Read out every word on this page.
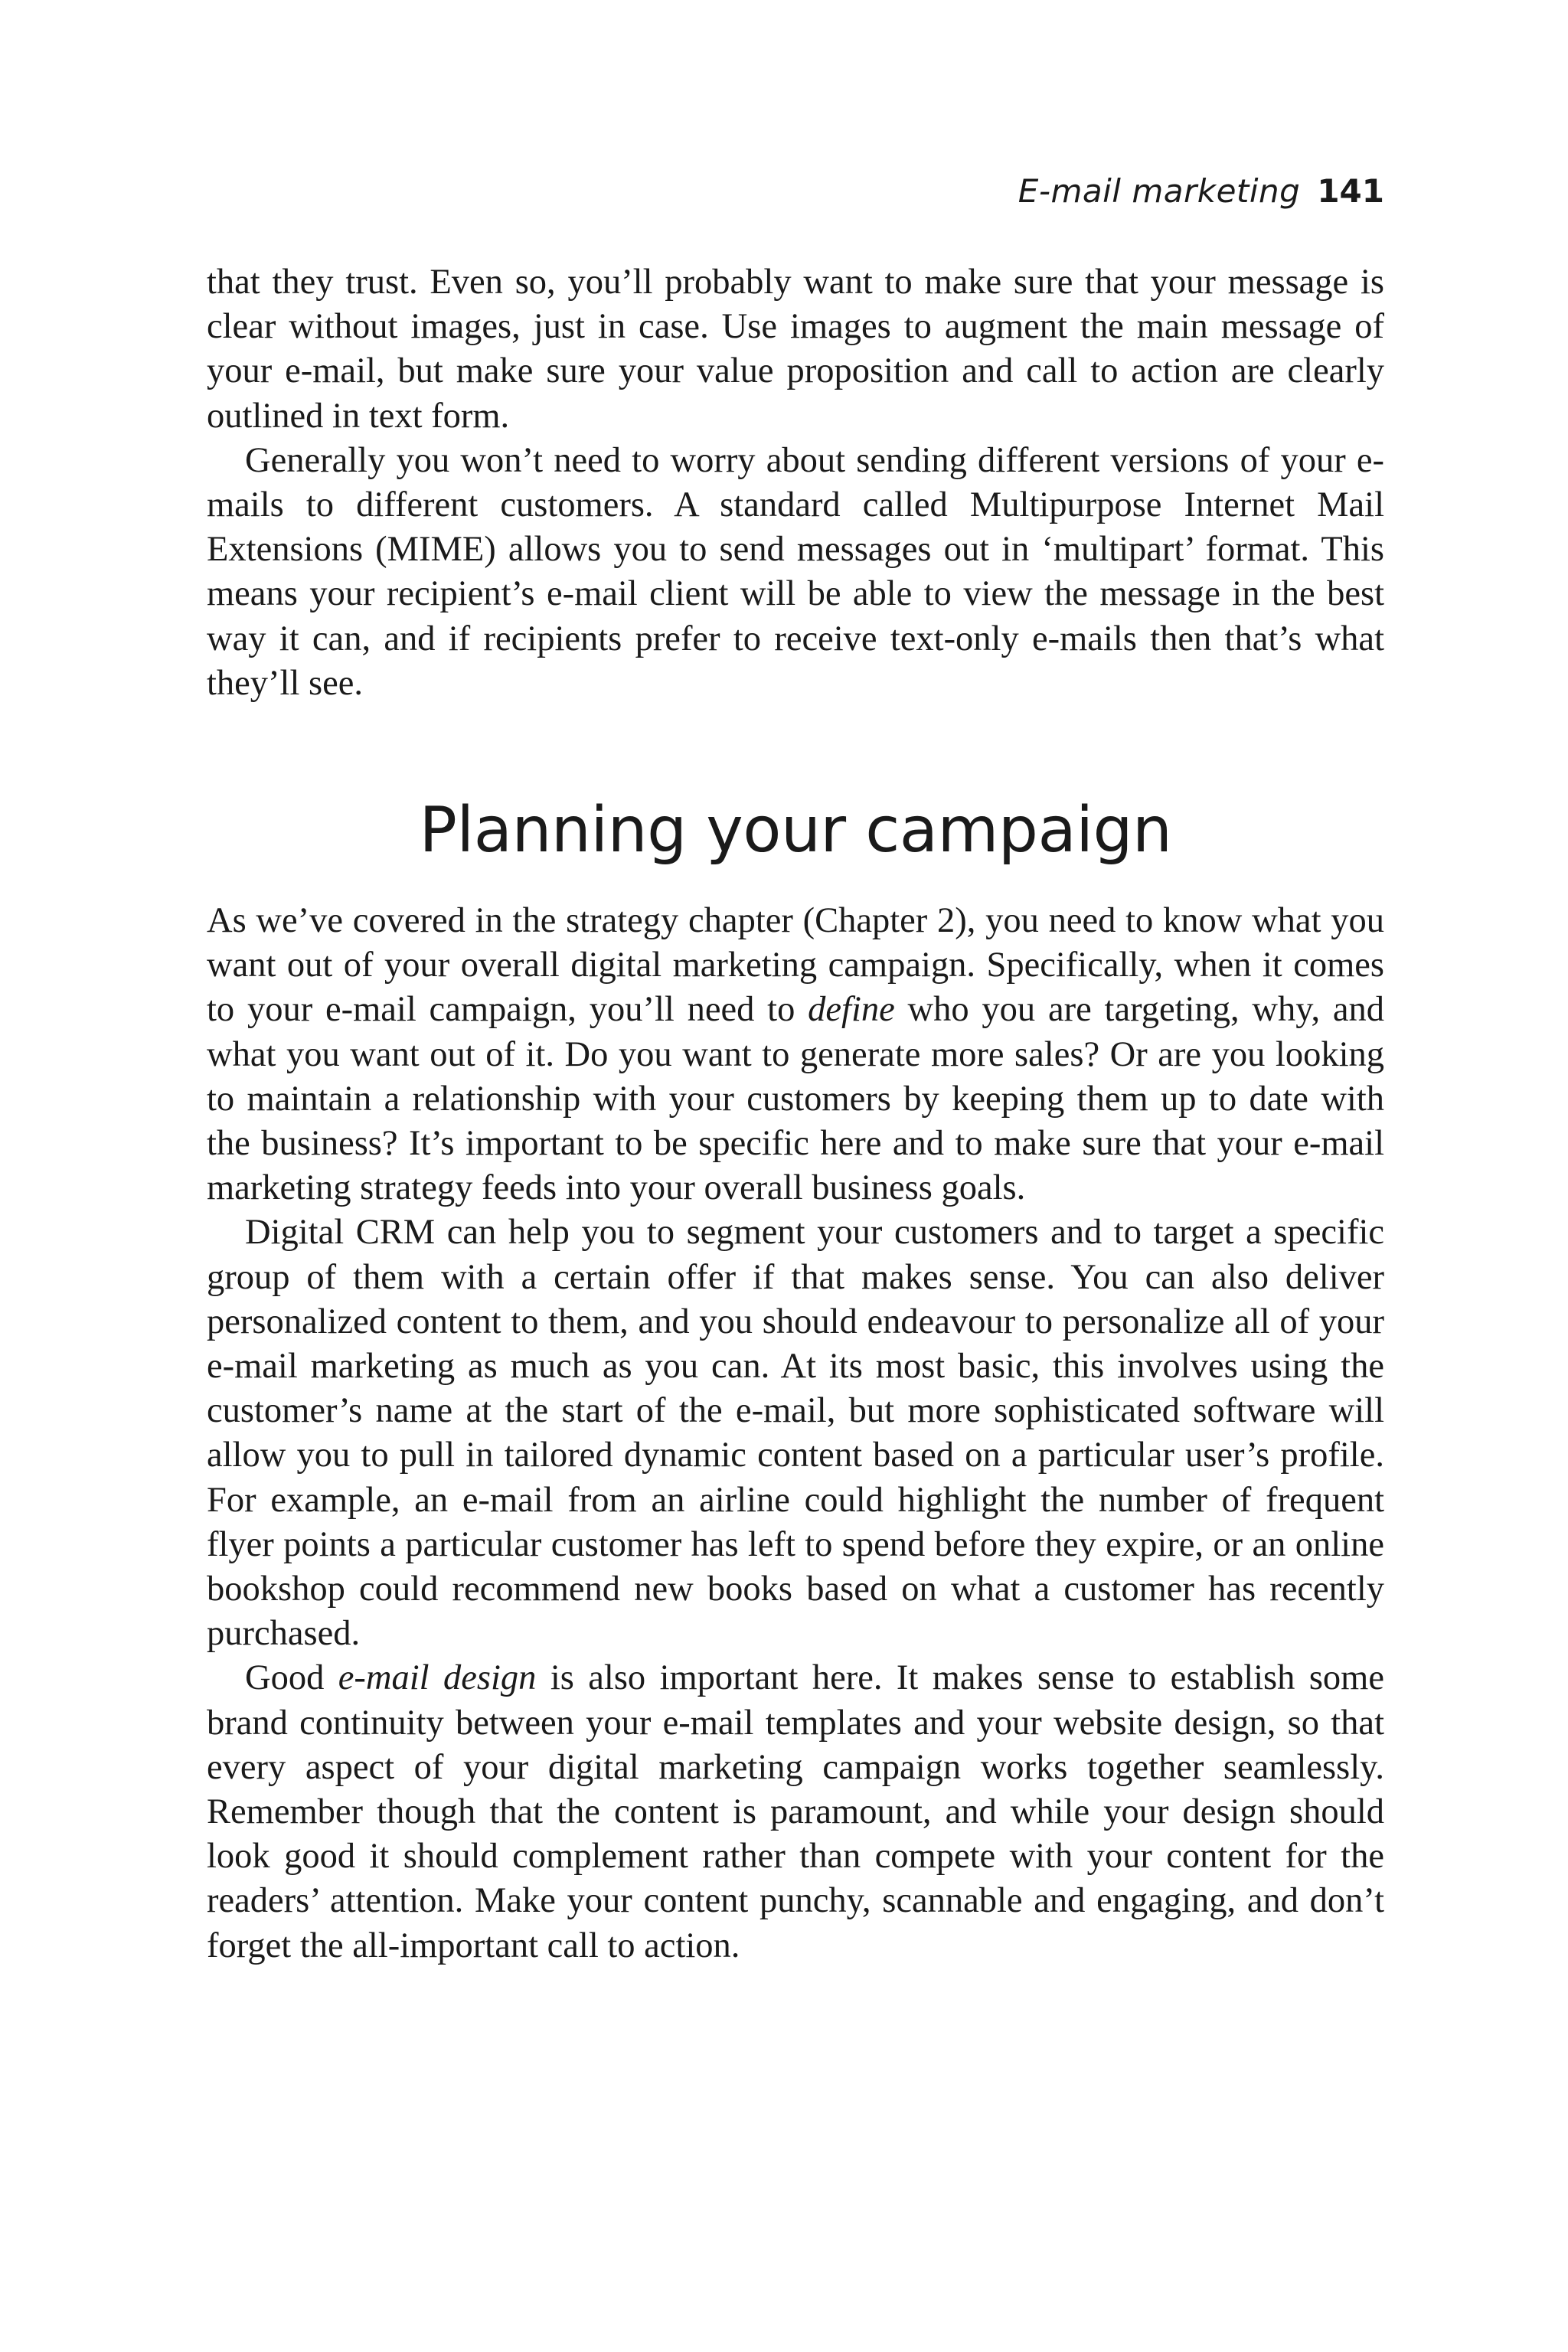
E-mail marketing 141

that they trust. Even so, you’ll probably want to make sure that your message is clear without images, just in case. Use images to augment the main message of your e-mail, but make sure your value proposition and call to action are clearly outlined in text form.

Generally you won’t need to worry about sending different versions of your e-mails to different customers. A standard called Multipurpose Internet Mail Extensions (MIME) allows you to send messages out in ‘multipart’ format. This means your recipient’s e-mail client will be able to view the message in the best way it can, and if recipients prefer to receive text-only e-mails then that’s what they’ll see.

Planning your campaign

As we’ve covered in the strategy chapter (Chapter 2), you need to know what you want out of your overall digital marketing campaign. Specifically, when it comes to your e-mail campaign, you’ll need to define who you are targeting, why, and what you want out of it. Do you want to generate more sales? Or are you looking to maintain a relationship with your customers by keeping them up to date with the business? It’s important to be specific here and to make sure that your e-mail marketing strategy feeds into your overall business goals.

Digital CRM can help you to segment your customers and to target a specific group of them with a certain offer if that makes sense. You can also deliver personalized content to them, and you should endeavour to personalize all of your e-mail marketing as much as you can. At its most basic, this involves using the customer’s name at the start of the e-mail, but more sophisticated software will allow you to pull in tailored dynamic content based on a particular user’s profile. For example, an e-mail from an airline could highlight the number of frequent flyer points a particular customer has left to spend before they expire, or an online bookshop could recommend new books based on what a customer has recently purchased.

Good e-mail design is also important here. It makes sense to establish some brand continuity between your e-mail templates and your website design, so that every aspect of your digital marketing campaign works together seamlessly. Remember though that the content is paramount, and while your design should look good it should complement rather than compete with your content for the readers’ attention. Make your content punchy, scannable and engaging, and don’t forget the all-important call to action.
